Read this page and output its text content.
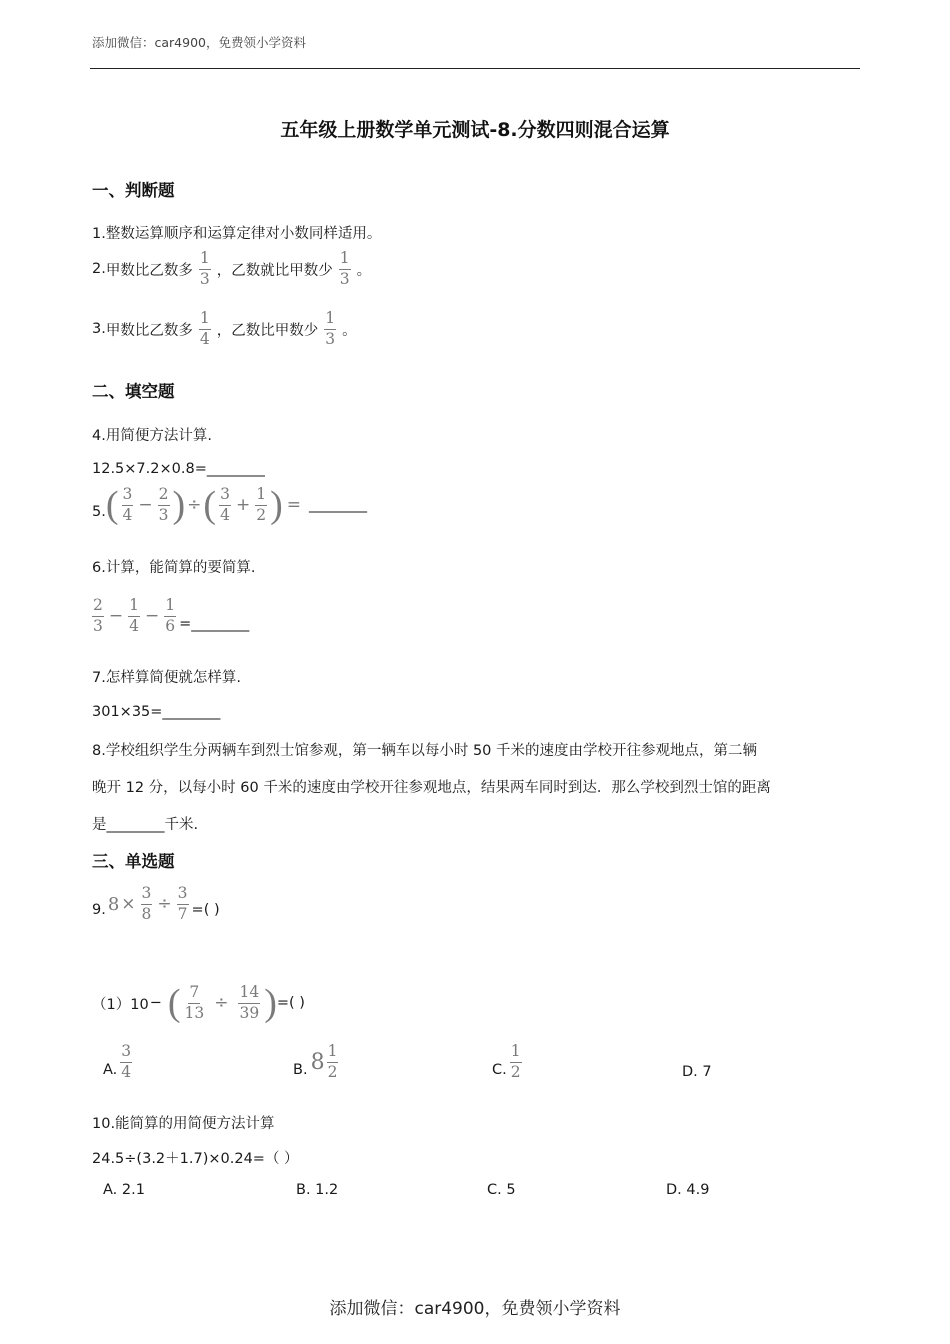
添加微信：car4900，免费领小学资料
五年级上册数学单元测试-8.分数四则混合运算
一、判断题
1.整数运算顺序和运算定律对小数同样适用。
2. 甲数比乙数多 $\frac{1}{3}$ ，乙数就比甲数少 $\frac{1}{3}$ 。
3. 甲数比乙数多 $\frac{1}{4}$ ，乙数比甲数少 $\frac{1}{3}$ 。
二、填空题
4.用简便方法计算.
12.5×7.2×0.8=________
5. ( $\frac{3}{4} - \frac{2}{3}$ ) ÷ ( $\frac{3}{4} + \frac{1}{2}$ ) = ________
6.计算，能简算的要简算.
$\frac{2}{3} - \frac{1}{4} - \frac{1}{6}$ =________
7.怎样算简便就怎样算.
301×35=________
8.学校组织学生分两辆车到烈士馆参观，第一辆车以每小时 50 千米的速度由学校开往参观地点，第二辆
晚开 12 分，以每小时 60 千米的速度由学校开往参观地点，结果两车同时到达．那么学校到烈士馆的距离
是________千米.
三、单选题
9. $8 \times \frac{3}{8} \div \frac{3}{7}$ =( )
（1）10 − ( $\frac{7}{13} \div \frac{14}{39}$ ) =( )
A. $\frac{3}{4}$	B. $8 \frac{1}{2}$	C. $\frac{1}{2}$	D. 7
10.能简算的用简便方法计算
24.5÷(3.2＋1.7)×0.24=（ ）
A. 2.1	B. 1.2	C. 5	D. 4.9
添加微信：car4900，免费领小学资料
